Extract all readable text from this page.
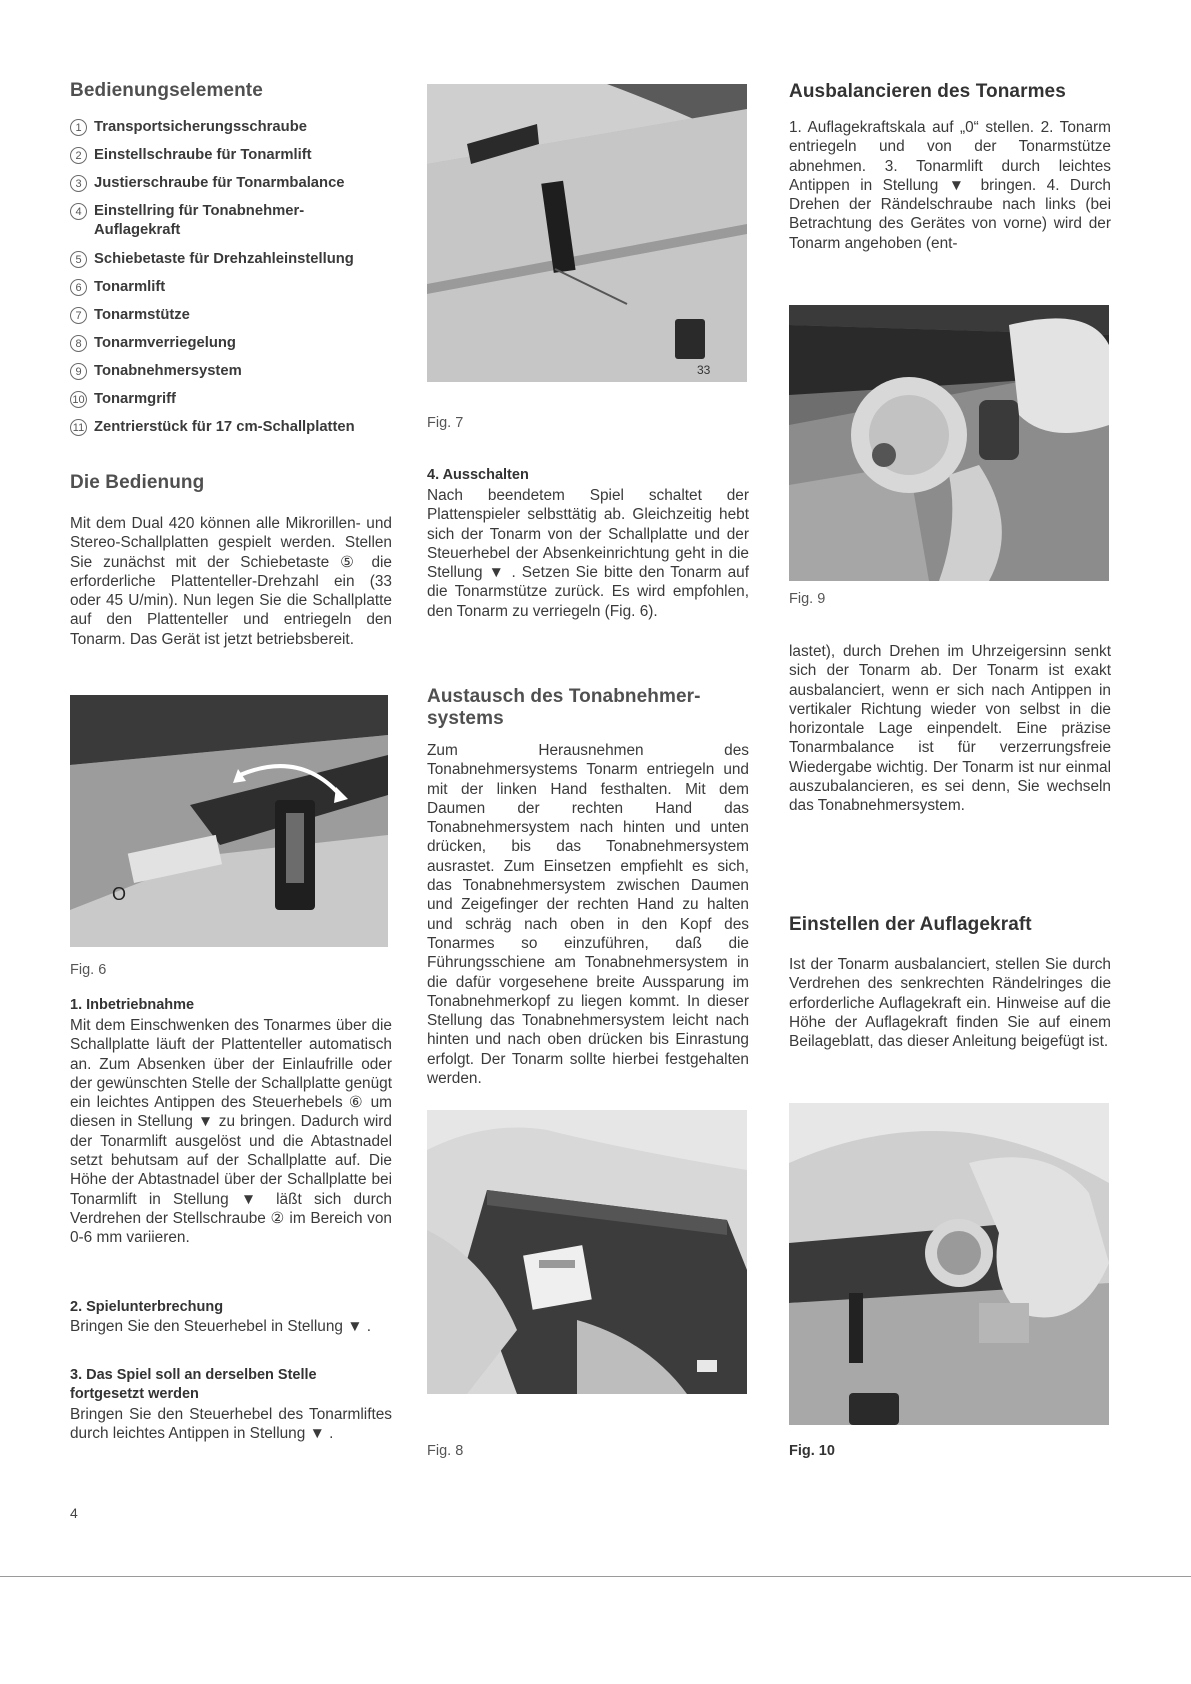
Bedienungselemente
1 Transportsicherungsschraube
2 Einstellschraube für Tonarmlift
3 Justierschraube für Tonarmbalance
4 Einstellring für Tonabnehmer-Auflagekraft
5 Schiebetaste für Drehzahleinstellung
6 Tonarmlift
7 Tonarmstütze
8 Tonarmverriegelung
9 Tonabnehmersystem
10 Tonarmgriff
11 Zentrierstück für 17 cm-Schallplatten
Die Bedienung

Mit dem Dual 420 können alle Mikrorillen- und Stereo-Schallplatten gespielt werden. Stellen Sie zunächst mit der Schiebetaste ⑤ die erforderliche Plattenteller-Drehzahl ein (33 oder 45 U/min). Nun legen Sie die Schallplatte auf den Plattenteller und entriegeln den Tonarm. Das Gerät ist jetzt betriebsbereit.

O

Fig. 6

1. Inbetriebnahme

Mit dem Einschwenken des Tonarmes über die Schallplatte läuft der Plattenteller automatisch an. Zum Absenken über der Einlaufrille oder der gewünschten Stelle der Schallplatte genügt ein leichtes Antippen des Steuerhebels ⑥ um diesen in Stellung ▼ zu bringen. Dadurch wird der Tonarmlift ausgelöst und die Abtastnadel setzt behutsam auf der Schallplatte auf. Die Höhe der Abtastnadel über der Schallplatte bei Tonarmlift in Stellung ▼ läßt sich durch Verdrehen der Stellschraube ② im Bereich von 0-6 mm variieren.

2. Spielunterbrechung

Bringen Sie den Steuerhebel in Stellung ▼ .

3. Das Spiel soll an derselben Stelle fortgesetzt werden

Bringen Sie den Steuerhebel des Tonarmliftes durch leichtes Antippen in Stellung ▼ .

33

Fig. 7

4. Ausschalten

Nach beendetem Spiel schaltet der Plattenspieler selbsttätig ab. Gleichzeitig hebt sich der Tonarm von der Schallplatte und der Steuerhebel der Absenkeinrichtung geht in die Stellung ▼ . Setzen Sie bitte den Tonarm auf die Tonarmstütze zurück. Es wird empfohlen, den Tonarm zu verriegeln (Fig. 6).

Austausch des Tonabnehmer-
systems

Zum Herausnehmen des Tonabnehmersystems Tonarm entriegeln und mit der linken Hand festhalten. Mit dem Daumen der rechten Hand das Tonabnehmersystem nach hinten und unten drücken, bis das Tonabnehmersystem ausrastet. Zum Einsetzen empfiehlt es sich, das Tonabnehmersystem zwischen Daumen und Zeigefinger der rechten Hand zu halten und schräg nach oben in den Kopf des Tonarmes so einzuführen, daß die Führungsschiene am Tonabnehmersystem in die dafür vorgesehene breite Aussparung im Tonabnehmerkopf zu liegen kommt. In dieser Stellung das Tonabnehmersystem leicht nach hinten und nach oben drücken bis Einrastung erfolgt. Der Tonarm sollte hierbei festgehalten werden.

Fig. 8

Ausbalancieren des Tonarmes

1. Auflagekraftskala auf „0“ stellen. 2. Tonarm entriegeln und von der Tonarmstütze abnehmen. 3. Tonarmlift durch leichtes Antippen in Stellung ▼ bringen. 4. Durch Drehen der Rändelschraube nach links (bei Betrachtung des Gerätes von vorne) wird der Tonarm angehoben (ent-

Fig. 9

lastet), durch Drehen im Uhrzeigersinn senkt sich der Tonarm ab. Der Tonarm ist exakt ausbalanciert, wenn er sich nach Antippen in vertikaler Richtung wieder von selbst in die horizontale Lage einpendelt. Eine präzise Tonarmbalance ist für verzerrungsfreie Wiedergabe wichtig. Der Tonarm ist nur einmal auszubalancieren, es sei denn, Sie wechseln das Tonabnehmersystem.

Einstellen der Auflagekraft

Ist der Tonarm ausbalanciert, stellen Sie durch Verdrehen des senkrechten Rändelringes die erforderliche Auflagekraft ein. Hinweise auf die Höhe der Auflagekraft finden Sie auf einem Beilageblatt, das dieser Anleitung beigefügt ist.

Fig. 10

4
